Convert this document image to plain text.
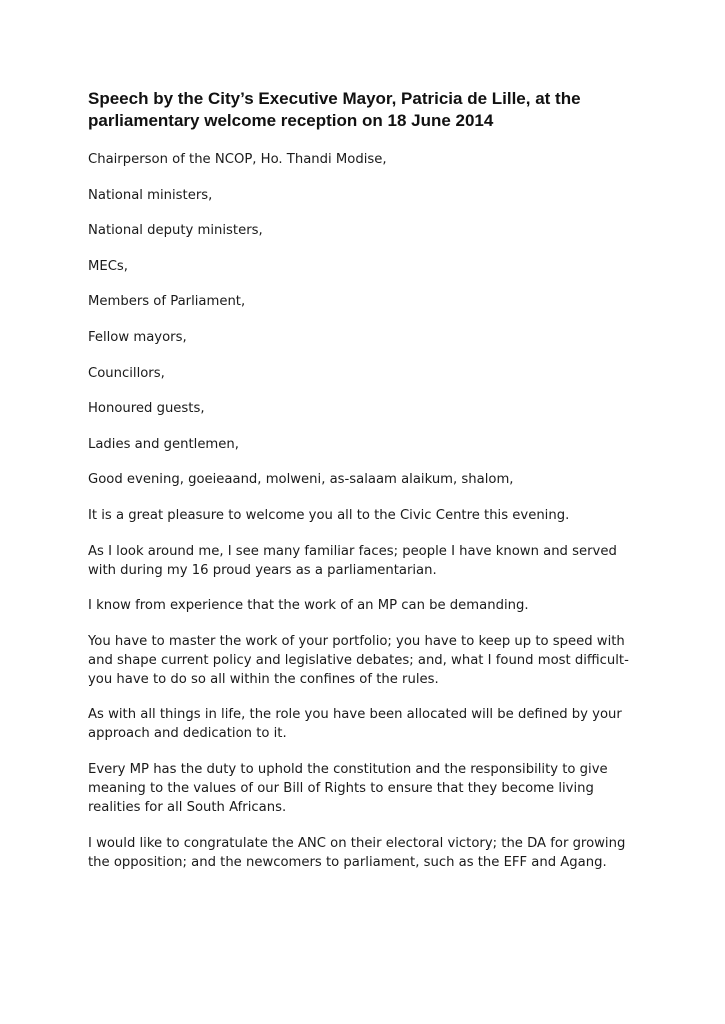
Speech by the City’s Executive Mayor, Patricia de Lille, at the parliamentary welcome reception on 18 June 2014

Chairperson of the NCOP, Ho. Thandi Modise,

National ministers,

National deputy ministers,

MECs,

Members of Parliament,

Fellow mayors,

Councillors,

Honoured guests,

Ladies and gentlemen,

Good evening, goeieaand, molweni, as-salaam alaikum, shalom,

It is a great pleasure to welcome you all to the Civic Centre this evening.

As I look around me, I see many familiar faces; people I have known and served with during my 16 proud years as a parliamentarian.

I know from experience that the work of an MP can be demanding.

You have to master the work of your portfolio; you have to keep up to speed with and shape current policy and legislative debates; and, what I found most difficult- you have to do so all within the confines of the rules.

As with all things in life, the role you have been allocated will be defined by your approach and dedication to it.

Every MP has the duty to uphold the constitution and the responsibility to give meaning to the values of our Bill of Rights to ensure that they become living realities for all South Africans.

I would like to congratulate the ANC on their electoral victory; the DA for growing the opposition; and the newcomers to parliament, such as the EFF and Agang.
